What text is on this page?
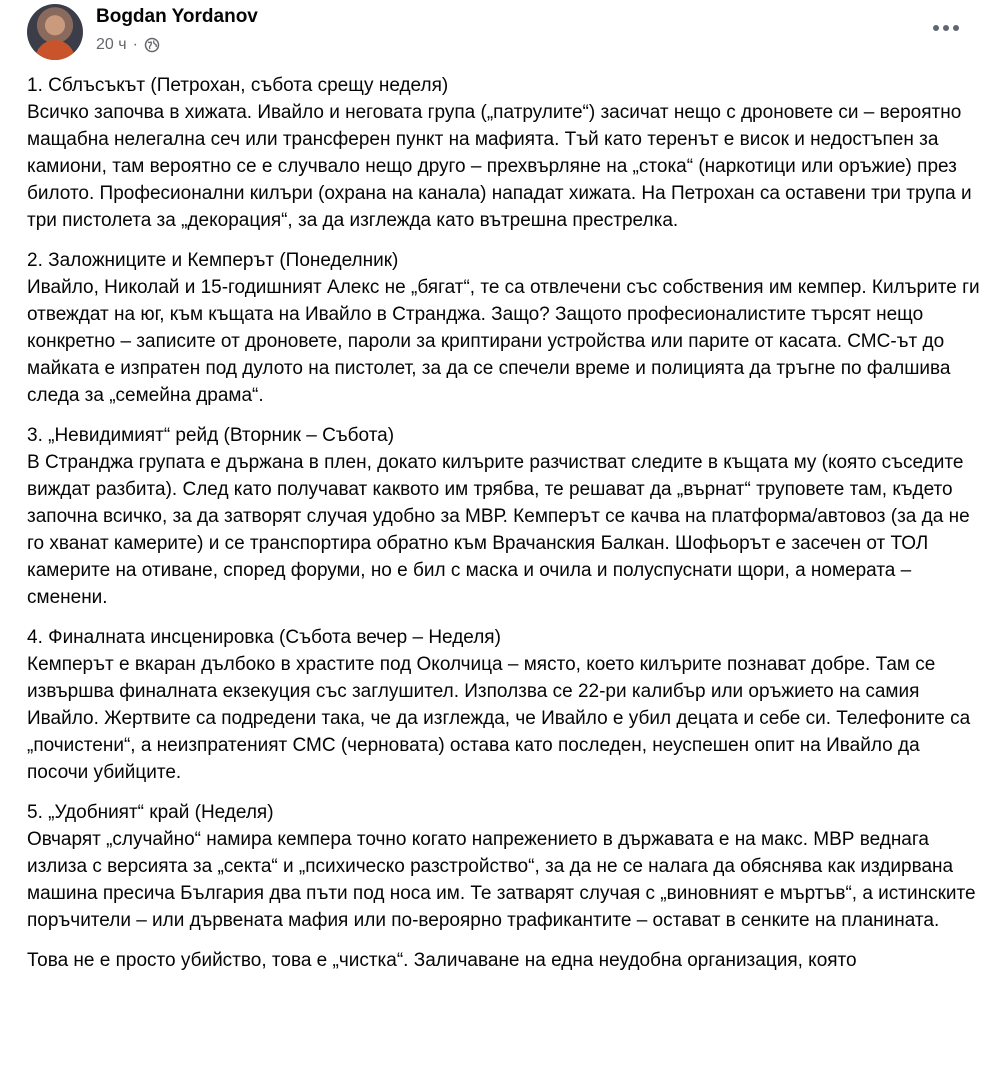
Bogdan Yordanov
20 ч ·

1. Сблъсъкът (Петрохан, събота срещу неделя)
Всичко започва в хижата. Ивайло и неговата група („патрулите“) засичат нещо с дроновете си – вероятно мащабна нелегална сеч или трансферен пункт на мафията. Тъй като теренът е висок и недостъпен за камиони, там вероятно се е случвало нещо друго – прехвърляне на „стока“ (наркотици или оръжие) през билото. Професионални килъри (охрана на канала) нападат хижата. На Петрохан са оставени три трупа и три пистолета за „декорация“, за да изглежда като вътрешна престрелка.

2. Заложниците и Кемперът (Понеделник)
Ивайло, Николай и 15-годишният Алекс не „бягат“, те са отвлечени със собствения им кемпер. Килърите ги отвеждат на юг, към къщата на Ивайло в Странджа. Защо? Защото професионалистите търсят нещо конкретно – записите от дроновете, пароли за криптирани устройства или парите от касата. СМС-ът до майката е изпратен под дулото на пистолет, за да се спечели време и полицията да тръгне по фалшива следа за „семейна драма“.

3. „Невидимият“ рейд (Вторник – Събота)
В Странджа групата е държана в плен, докато килърите разчистват следите в къщата му (която съседите виждат разбита). След като получават каквото им трябва, те решават да „върнат“ труповете там, където започна всичко, за да затворят случая удобно за МВР. Кемперът се качва на платформа/автовоз (за да не го хванат камерите) и се транспортира обратно към Врачанския Балкан. Шофьорът е засечен от ТОЛ камерите на отиване, според форуми, но е бил с маска и очила и полуспуснати щори, а номерата – сменени.

4. Финалната инсценировка (Събота вечер – Неделя)
Кемперът е вкаран дълбоко в храстите под Околчица – място, което килърите познават добре. Там се извършва финалната екзекуция със заглушител. Използва се 22-ри калибър или оръжието на самия Ивайло. Жертвите са подредени така, че да изглежда, че Ивайло е убил децата и себе си. Телефоните са „почистени“, а неизпратеният СМС (черновата) остава като последен, неуспешен опит на Ивайло да посочи убийците.

5. „Удобният“ край (Неделя)
Овчарят „случайно“ намира кемпера точно когато напрежението в държавата е на макс. МВР веднага излиза с версията за „секта“ и „психическо разстройство“, за да не се налага да обяснява как издирвана машина пресича България два пъти под носа им. Те затварят случая с „виновният е мъртъв“, а истинските поръчители – или дървената мафия или по-вероярно трафикантите – остават в сенките на планината.

Това не е просто убийство, това е „чистка“. Заличаване на една неудобна организация, която
